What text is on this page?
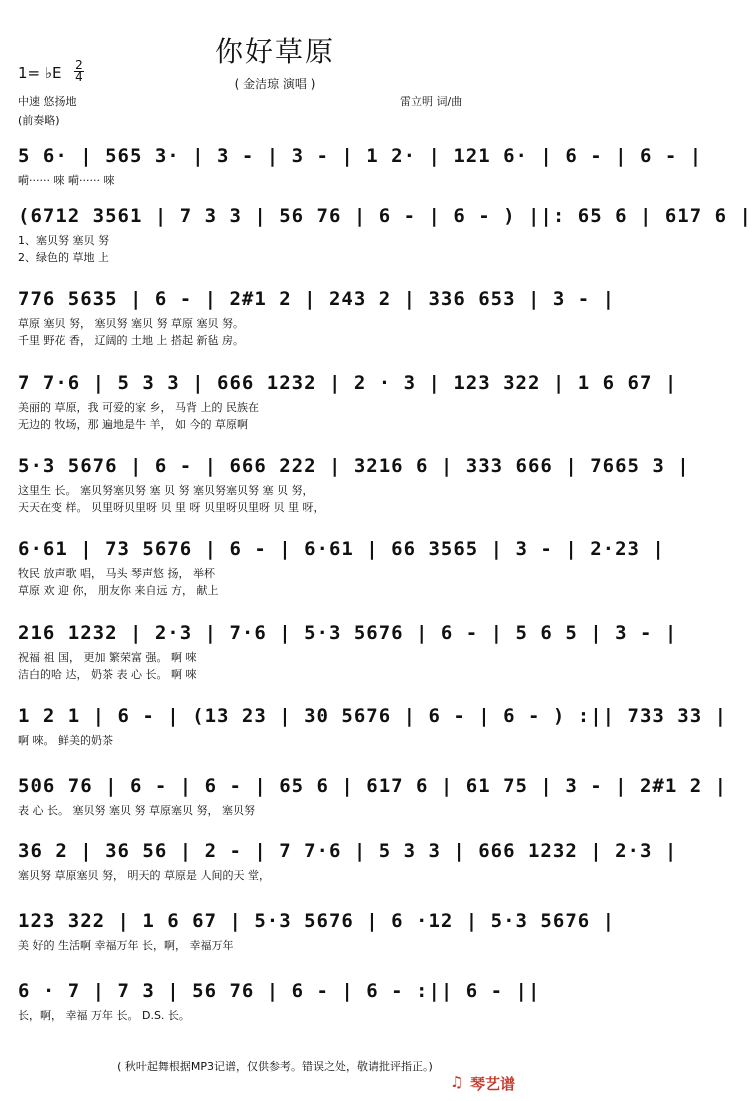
你好草原
( 金洁琼 演唱 )
1= ♭E 2
4
中速 悠扬地	雷立明 词/曲
(前奏略)
5 6· | 565 3· | 3 - | 3 - | 1 2· | 121 6· | 6 - | 6 - |
嗬······ 唻 嗬······ 唻
(6712 3561 | 7 3 3 | 56 76 | 6 - | 6 - ) ||: 65 6 | 617 6 |
1、塞贝努 塞贝 努
2、绿色的 草地 上
776 5635 | 6 - | 2#1 2 | 243 2 | 336 653 | 3 - |
草原 塞贝 努， 塞贝努 塞贝 努 草原 塞贝 努。
千里 野花 香， 辽阔的 土地 上 搭起 新毡 房。
7 7·6 | 5 3 3 | 666 1232 | 2 · 3 | 123 322 | 1 6 67 |
美丽的 草原，我 可爱的家 乡， 马背 上的 民族在
无边的 牧场，那 遍地是牛 羊， 如 今的 草原啊
5·3 5676 | 6 - | 666 222 | 3216 6 | 333 666 | 7665 3 |
这里生 长。 塞贝努塞贝努 塞 贝 努 塞贝努塞贝努 塞 贝 努，
天天在变 样。 贝里呀贝里呀 贝 里 呀 贝里呀贝里呀 贝 里 呀，
6·61 | 73 5676 | 6 - | 6·61 | 66 3565 | 3 - | 2·23 |
牧民 放声歌 唱， 马头 琴声悠 扬， 举杯
草原 欢 迎 你， 朋友你 来自远 方， 献上
216 1232 | 2·3 | 7·6 | 5·3 5676 | 6 - | 5 6 5 | 3 - |
祝福 祖 国， 更加 繁荣富 强。 啊 唻
洁白的哈 达， 奶茶 表 心 长。 啊 唻
1 2 1 | 6 - | (13 23 | 30 5676 | 6 - | 6 - ) :|| 733 33 |
啊 唻。 鲜美的奶茶
506 76 | 6 - | 6 - | 65 6 | 617 6 | 61 75 | 3 - | 2#1 2 |
表 心 长。 塞贝努 塞贝 努 草原塞贝 努， 塞贝努
36 2 | 36 56 | 2 - | 7 7·6 | 5 3 3 | 666 1232 | 2·3 |
塞贝努 草原塞贝 努， 明天的 草原是 人间的天 堂，
123 322 | 1 6 67 | 5·3 5676 | 6 ·12 | 5·3 5676 |
美 好的 生活啊 幸福万年 长，啊， 幸福万年
6 · 7 | 7 3 | 56 76 | 6 - | 6 - :|| 6 - ||
长，啊， 幸福 万年 长。 D.S. 长。
( 秋叶起舞根据MP3记谱，仅供参考。错误之处，敬请批评指正。)
♫ 琴艺谱
